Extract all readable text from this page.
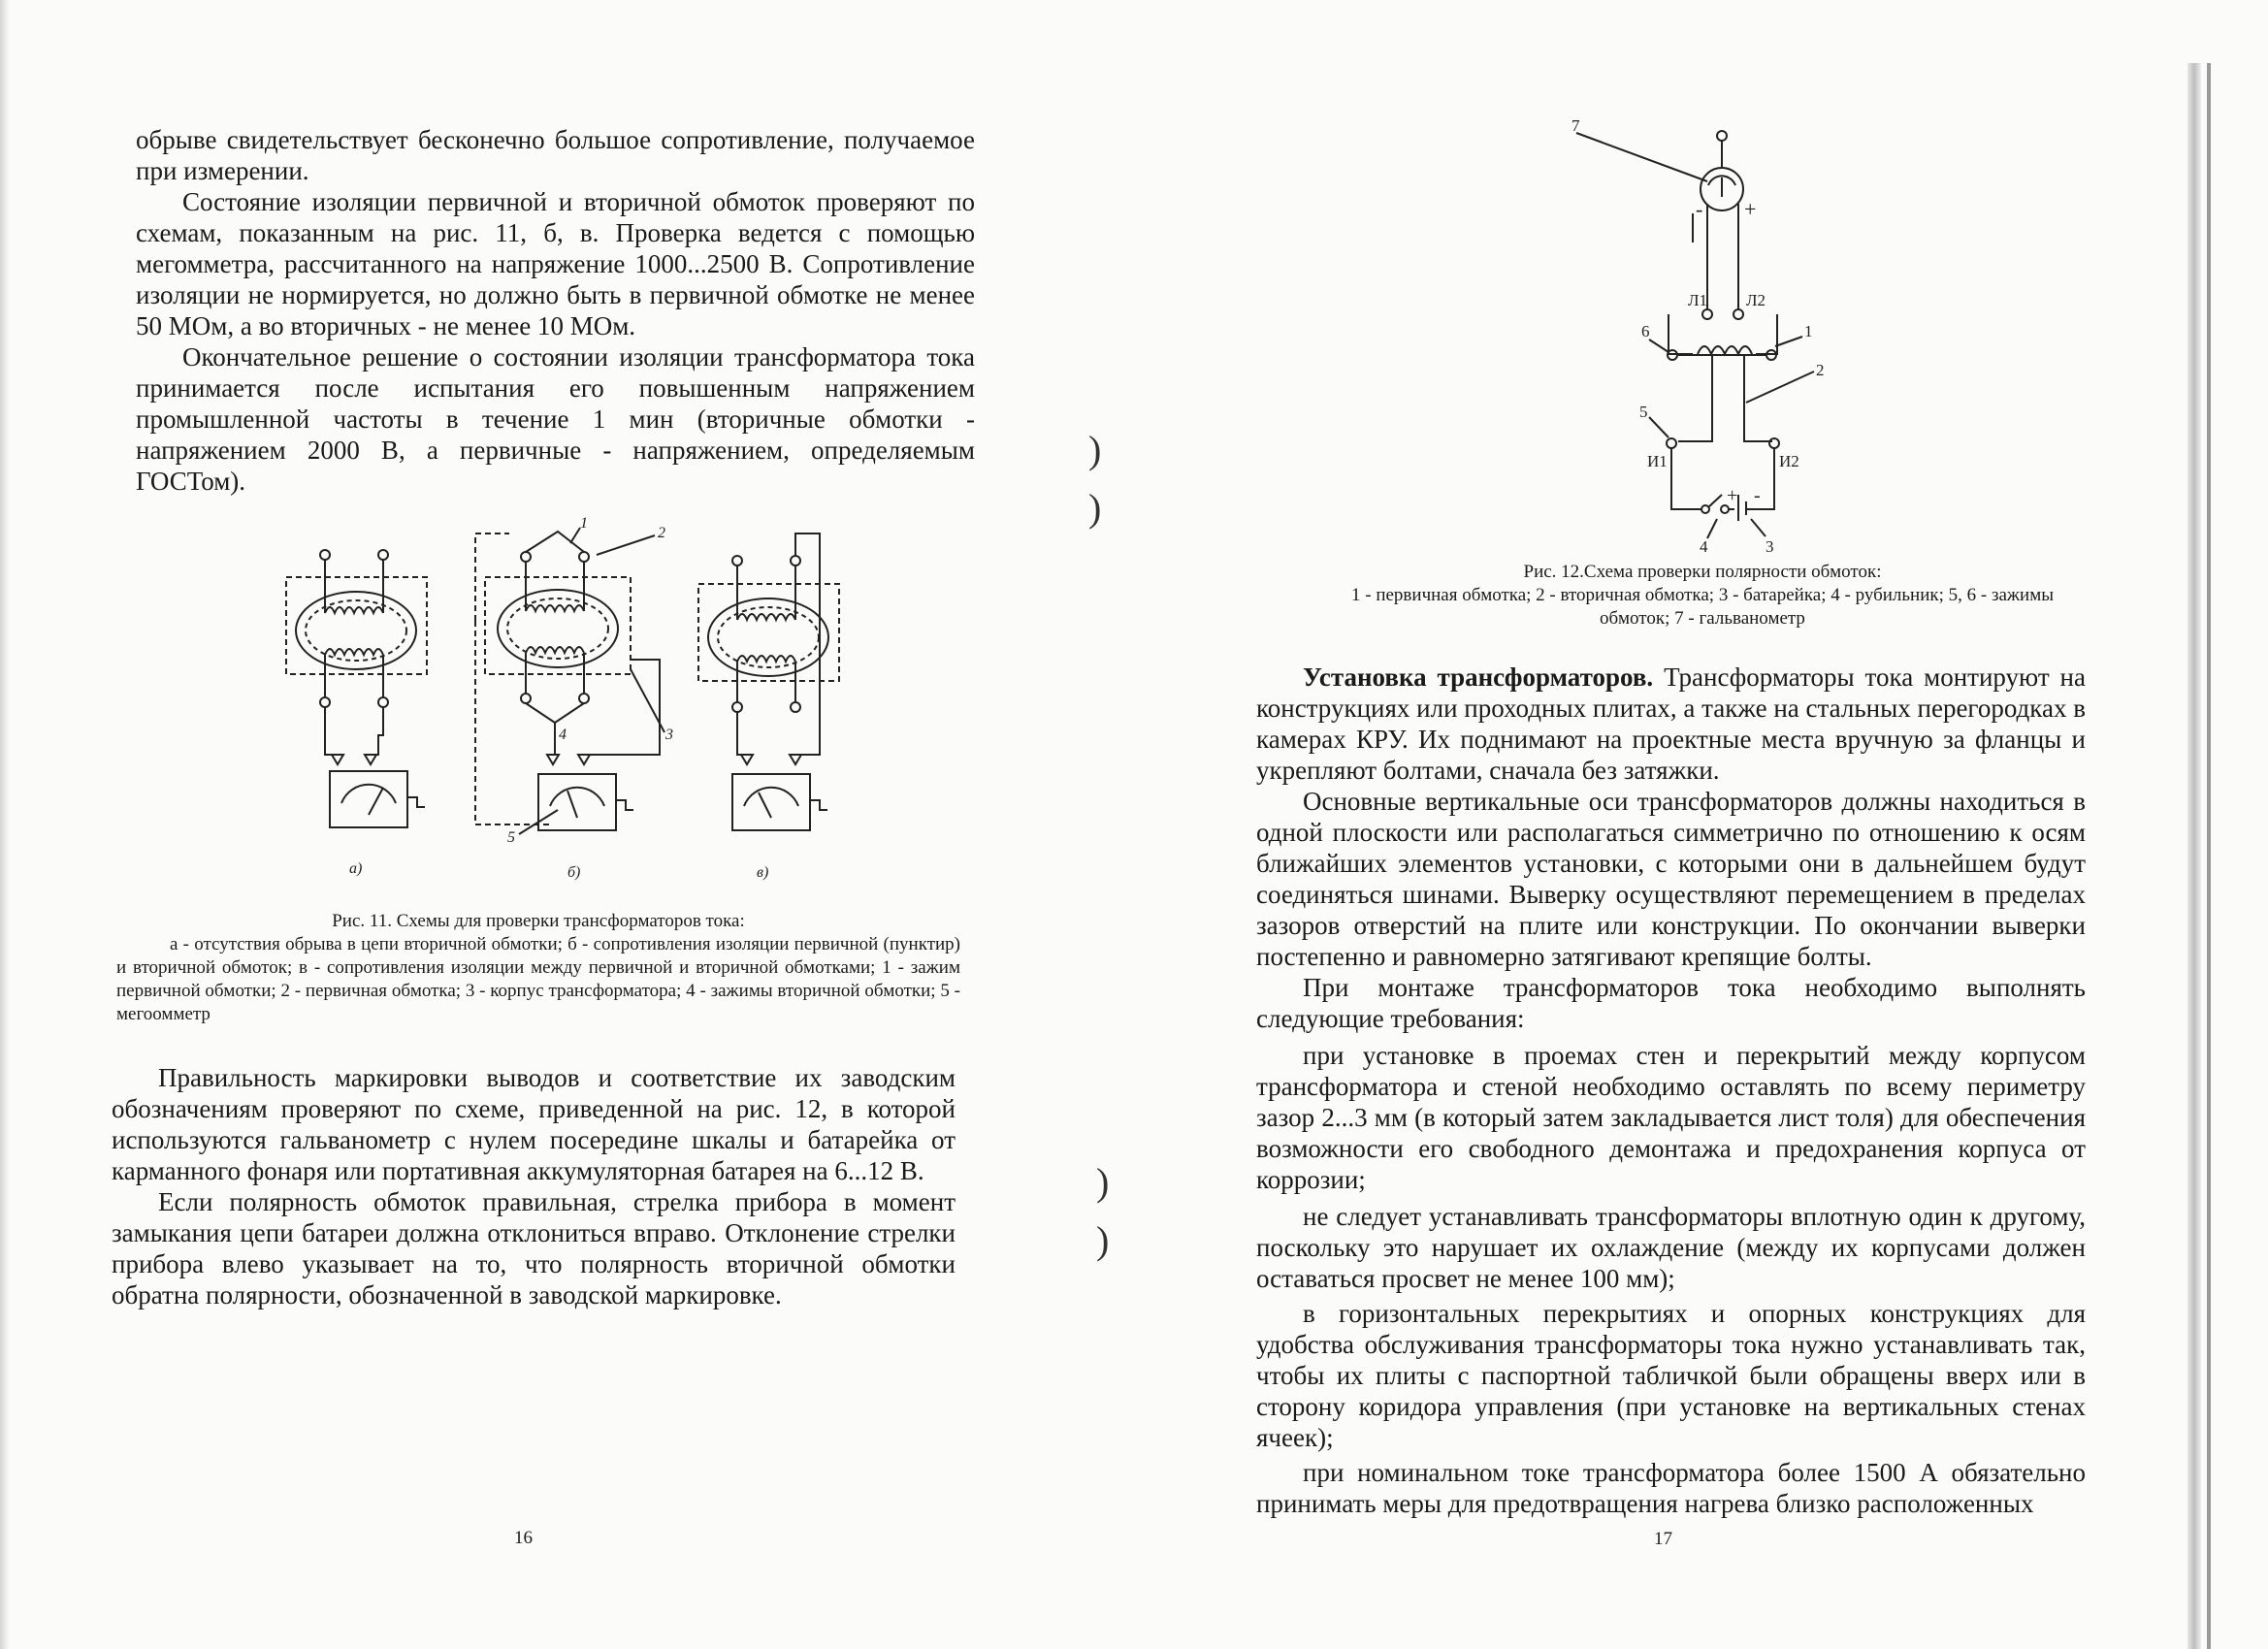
обрыве свидетельствует бесконечно большое сопротивление, получаемое при измерении.

Состояние изоляции первичной и вторичной обмоток проверяют по схемам, показанным на рис. 11, б, в. Проверка ведется с помощью мегомметра, рассчитанного на напряжение 1000...2500 В. Сопротивление изоляции не нормируется, но должно быть в первичной обмотке не менее 50 МОм, а во вторичных - не менее 10 МОм.

Окончательное решение о состоянии изоляции трансформатора тока принимается после испытания его повышенным напряжением промышленной частоты в течение 1 мин (вторичные обмотки - напряжением 2000 В, а первичные - напряжением, определяемым ГОСТом).

1
2
3
4
5
а)	б)	в)
Рис. 11. Схемы для проверки трансформаторов тока:
а - отсутствия обрыва в цепи вторичной обмотки; б - сопротивления изоляции первичной (пунктир) и вторичной обмоток; в - сопротивления изоляции между первичной и вторичной обмотками; 1 - зажим первичной обмотки; 2 - первичная обмотка; 3 - корпус трансформатора; 4 - зажимы вторичной обмотки; 5 - мегоомметр

Правильность маркировки выводов и соответствие их заводским обозначениям проверяют по схеме, приведенной на рис. 12, в которой используются гальванометр с нулем посередине шкалы и батарейка от карманного фонаря или портативная аккумуляторная батарея на 6...12 В.

Если полярность обмоток правильная, стрелка прибора в момент замыкания цепи батареи должна отклониться вправо. Отклонение стрелки прибора влево указывает на то, что полярность вторичной обмотки обратна полярности, обозначенной в заводской маркировке.

16
)
)
)
)
7
1
2
3
4
5
6
Л1 Л2
И1	И2
- +
-
+
Рис. 12.Схема проверки полярности обмоток:
1 - первичная обмотка; 2 - вторичная обмотка; 3 - батарейка; 4 - рубильник; 5, 6 - зажимы обмоток; 7 - гальванометр

Установка трансформаторов. Трансформаторы тока монтируют на конструкциях или проходных плитах, а также на стальных перегородках в камерах КРУ. Их поднимают на проектные места вручную за фланцы и укрепляют болтами, сначала без затяжки.

Основные вертикальные оси трансформаторов должны находиться в одной плоскости или располагаться симметрично по отношению к осям ближайших элементов установки, с которыми они в дальнейшем будут соединяться шинами. Выверку осуществляют перемещением в пределах зазоров отверстий на плите или конструкции. По окончании выверки постепенно и равномерно затягивают крепящие болты.

При монтаже трансформаторов тока необходимо выполнять следующие требования:

при установке в проемах стен и перекрытий между корпусом трансформатора и стеной необходимо оставлять по всему периметру зазор 2...3 мм (в который затем закладывается лист толя) для обеспечения возможности его свободного демонтажа и предохранения корпуса от коррозии;

не следует устанавливать трансформаторы вплотную один к другому, поскольку это нарушает их охлаждение (между их корпусами должен оставаться просвет не менее 100 мм);

в горизонтальных перекрытиях и опорных конструкциях для удобства обслуживания трансформаторы тока нужно устанавливать так, чтобы их плиты с паспортной табличкой были обращены вверх или в сторону коридора управления (при установке на вертикальных стенах ячеек);

при номинальном токе трансформатора более 1500 А обязательно принимать меры для предотвращения нагрева близко расположенных

17
